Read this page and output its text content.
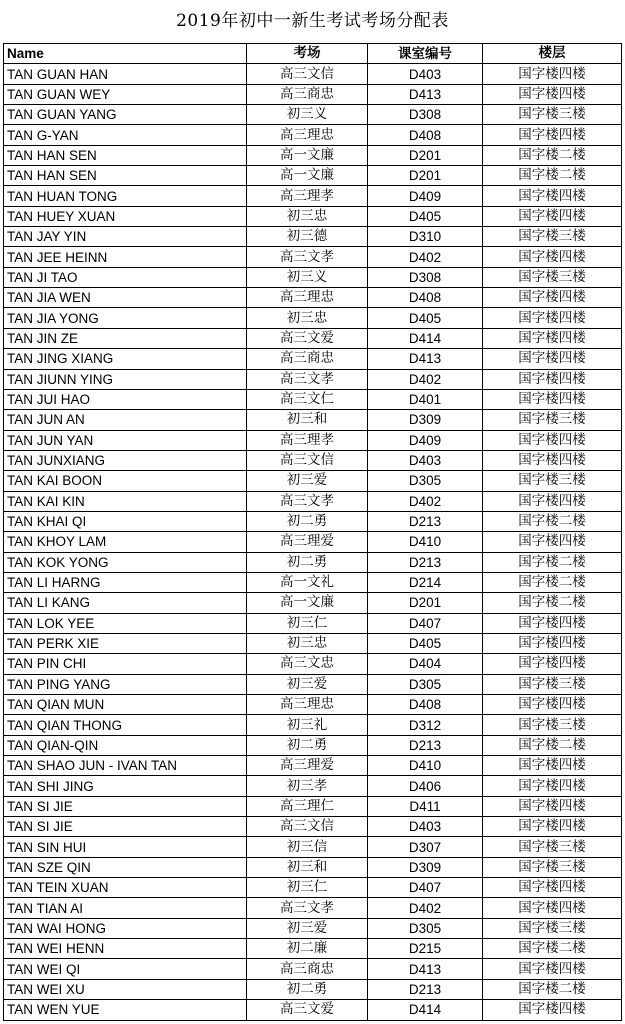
2019年初中一新生考试考场分配表
Name	考场	课室编号	楼层
TAN GUAN HAN	高三文信	D403	国字楼四楼
TAN GUAN WEY	高三商忠	D413	国字楼四楼
TAN GUAN YANG	初三义	D308	国字楼三楼
TAN G-YAN	高三理忠	D408	国字楼四楼
TAN HAN SEN	高一文廉	D201	国字楼二楼
TAN HAN SEN	高一文廉	D201	国字楼二楼
TAN HUAN TONG	高三理孝	D409	国字楼四楼
TAN HUEY XUAN	初三忠	D405	国字楼四楼
TAN JAY YIN	初三德	D310	国字楼三楼
TAN JEE HEINN	高三文孝	D402	国字楼四楼
TAN JI TAO	初三义	D308	国字楼三楼
TAN JIA WEN	高三理忠	D408	国字楼四楼
TAN JIA YONG	初三忠	D405	国字楼四楼
TAN JIN ZE	高三文爱	D414	国字楼四楼
TAN JING XIANG	高三商忠	D413	国字楼四楼
TAN JIUNN YING	高三文孝	D402	国字楼四楼
TAN JUI HAO	高三文仁	D401	国字楼四楼
TAN JUN AN	初三和	D309	国字楼三楼
TAN JUN YAN	高三理孝	D409	国字楼四楼
TAN JUNXIANG	高三文信	D403	国字楼四楼
TAN KAI BOON	初三爱	D305	国字楼三楼
TAN KAI KIN	高三文孝	D402	国字楼四楼
TAN KHAI QI	初二勇	D213	国字楼二楼
TAN KHOY LAM	高三理爱	D410	国字楼四楼
TAN KOK YONG	初二勇	D213	国字楼二楼
TAN LI HARNG	高一文礼	D214	国字楼二楼
TAN LI KANG	高一文廉	D201	国字楼二楼
TAN LOK YEE	初三仁	D407	国字楼四楼
TAN PERK XIE	初三忠	D405	国字楼四楼
TAN PIN CHI	高三文忠	D404	国字楼四楼
TAN PING YANG	初三爱	D305	国字楼三楼
TAN QIAN MUN	高三理忠	D408	国字楼四楼
TAN QIAN THONG	初三礼	D312	国字楼三楼
TAN QIAN-QIN	初二勇	D213	国字楼二楼
TAN SHAO JUN - IVAN TAN	高三理爱	D410	国字楼四楼
TAN SHI JING	初三孝	D406	国字楼四楼
TAN SI JIE	高三理仁	D411	国字楼四楼
TAN SI JIE	高三文信	D403	国字楼四楼
TAN SIN HUI	初三信	D307	国字楼三楼
TAN SZE QIN	初三和	D309	国字楼三楼
TAN TEIN XUAN	初三仁	D407	国字楼四楼
TAN TIAN AI	高三文孝	D402	国字楼四楼
TAN WAI HONG	初三爱	D305	国字楼三楼
TAN WEI HENN	初二廉	D215	国字楼二楼
TAN WEI QI	高三商忠	D413	国字楼四楼
TAN WEI XU	初二勇	D213	国字楼二楼
TAN WEN YUE	高三文爱	D414	国字楼四楼
